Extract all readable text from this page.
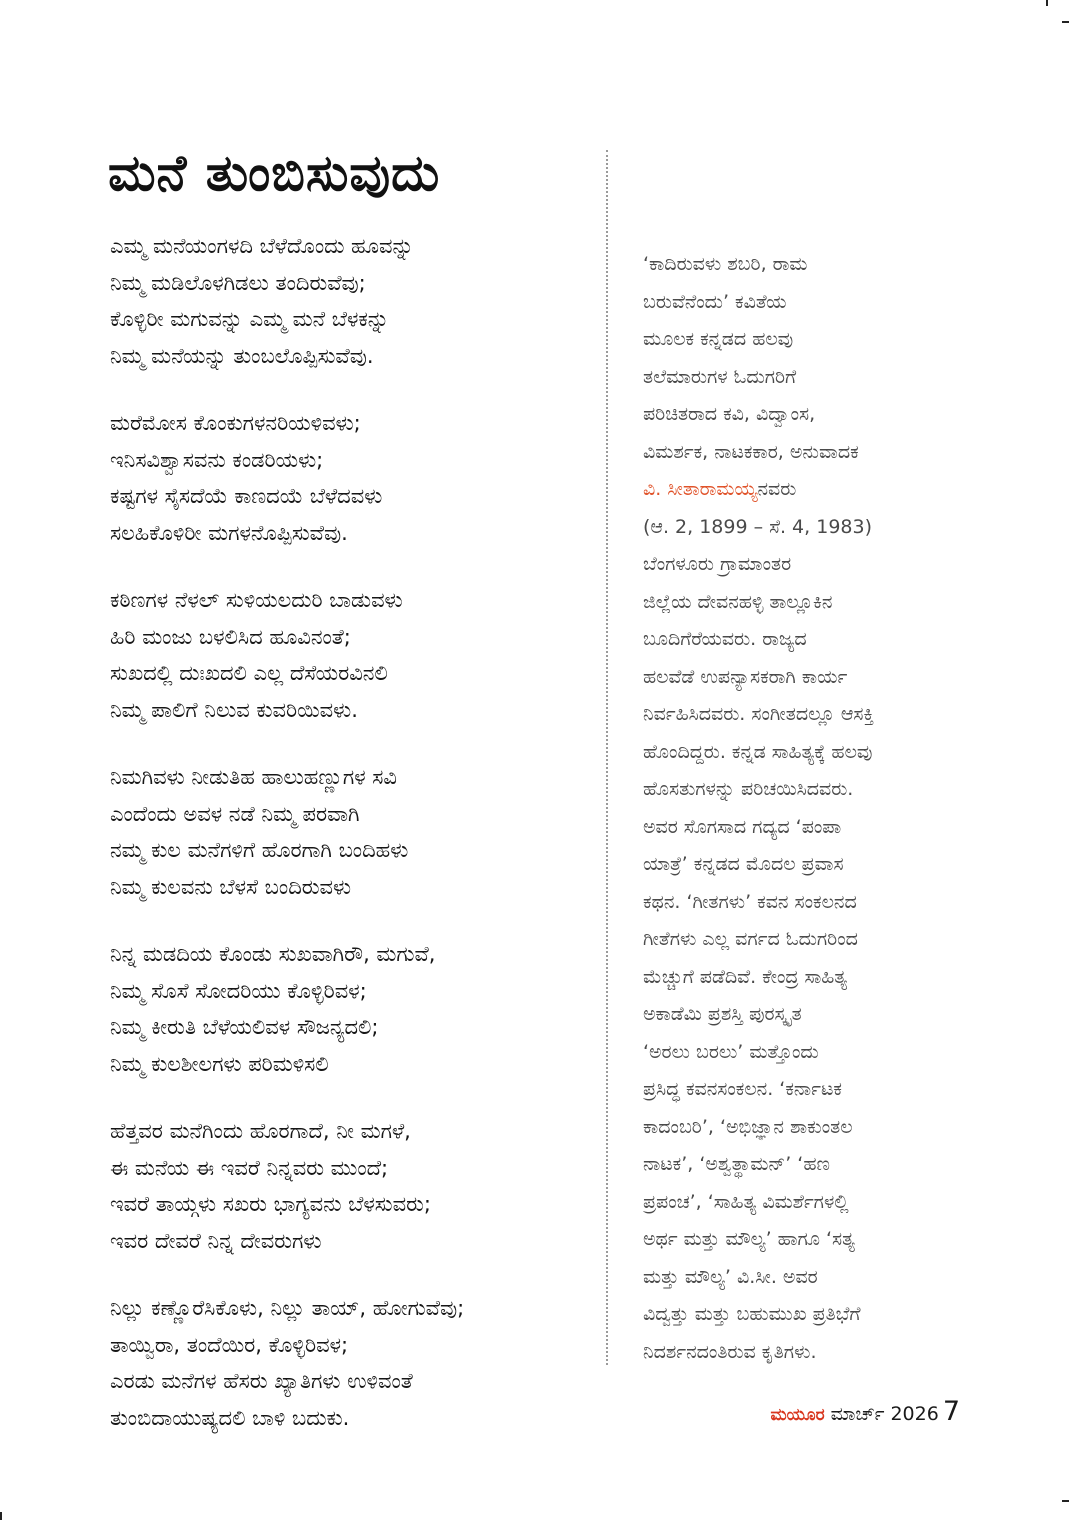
ಮನೆ ತುಂಬಿಸುವುದು
ಎಮ್ಮ ಮನೆಯಂಗಳದಿ ಬೆಳೆದೊಂದು ಹೂವನ್ನು
ನಿಮ್ಮ ಮಡಿಲೊಳಗಿಡಲು ತಂದಿರುವೆವು;
ಕೊಳ್ಳಿರೀ ಮಗುವನ್ನು ಎಮ್ಮ ಮನೆ ಬೆಳಕನ್ನು
ನಿಮ್ಮ ಮನೆಯನ್ನು ತುಂಬಲೊಪ್ಪಿಸುವೆವು.
ಮರೆಮೋಸ ಕೊಂಕುಗಳನರಿಯಳಿವಳು;
ಇನಿಸವಿಶ್ವಾಸವನು ಕಂಡರಿಯಳು;
ಕಷ್ಟಗಳ ಸೈಸದೆಯೆ ಕಾಣದಯೆ ಬೆಳೆದವಳು
ಸಲಹಿಕೊಳಿರೀ ಮಗಳನೊಪ್ಪಿಸುವೆವು.
ಕಠಿಣಗಳ ನೆಳಲ್ ಸುಳಿಯಲದುರಿ ಬಾಡುವಳು
ಹಿರಿ ಮಂಜು ಬಳಲಿಸಿದ ಹೂವಿನಂತೆ;
ಸುಖದಲ್ಲಿ ದುಃಖದಲಿ ಎಲ್ಲ ದೆಸೆಯರವಿನಲಿ
ನಿಮ್ಮ ಪಾಲಿಗೆ ನಿಲುವ ಕುವರಿಯಿವಳು.
ನಿಮಗಿವಳು ನೀಡುತಿಹ ಹಾಲುಹಣ್ಣುಗಳ ಸವಿ
ಎಂದೆಂದು ಅವಳ ನಡೆ ನಿಮ್ಮ ಪರವಾಗಿ
ನಮ್ಮ ಕುಲ ಮನೆಗಳಿಗೆ ಹೊರಗಾಗಿ ಬಂದಿಹಳು
ನಿಮ್ಮ ಕುಲವನು ಬೆಳಸೆ ಬಂದಿರುವಳು
ನಿನ್ನ ಮಡದಿಯ ಕೊಂಡು ಸುಖವಾಗಿರೌ, ಮಗುವೆ,
ನಿಮ್ಮ ಸೊಸೆ ಸೋದರಿಯು ಕೊಳ್ಳಿರಿವಳ;
ನಿಮ್ಮ ಕೀರುತಿ ಬೆಳೆಯಲಿವಳ ಸೌಜನ್ಯದಲಿ;
ನಿಮ್ಮ ಕುಲಶೀಲಗಳು ಪರಿಮಳಿಸಲಿ
ಹೆತ್ತವರ ಮನೆಗಿಂದು ಹೊರಗಾದೆ, ನೀ ಮಗಳೆ,
ಈ ಮನೆಯ ಈ ಇವರೆ ನಿನ್ನವರು ಮುಂದೆ;
ಇವರೆ ತಾಯ್ಗಳು ಸಖರು ಭಾಗ್ಯವನು ಬೆಳಸುವರು;
ಇವರ ದೇವರೆ ನಿನ್ನ ದೇವರುಗಳು
ನಿಲ್ಲು ಕಣ್ಣೊರೆಸಿಕೊಳು, ನಿಲ್ಲು ತಾಯ್, ಹೋಗುವೆವು;
ತಾಯ್ವಿರಾ, ತಂದೆಯಿರ, ಕೊಳ್ಳಿರಿವಳ;
ಎರಡು ಮನೆಗಳ ಹೆಸರು ಖ್ಯಾತಿಗಳು ಉಳಿವಂತೆ
ತುಂಬಿದಾಯುಷ್ಯದಲಿ ಬಾಳಿ ಬದುಕು.
‘ಕಾದಿರುವಳು ಶಬರಿ, ರಾಮ
ಬರುವೆನೆಂದು’ ಕವಿತೆಯ
ಮೂಲಕ ಕನ್ನಡದ ಹಲವು
ತಲೆಮಾರುಗಳ ಓದುಗರಿಗೆ
ಪರಿಚಿತರಾದ ಕವಿ, ವಿದ್ವಾಂಸ,
ವಿಮರ್ಶಕ, ನಾಟಕಕಾರ, ಅನುವಾದಕ
ವಿ. ಸೀತಾರಾಮಯ್ಯನವರು
(ಆ. 2, 1899 – ಸೆ. 4, 1983)
ಬೆಂಗಳೂರು ಗ್ರಾಮಾಂತರ
ಜಿಲ್ಲೆಯ ದೇವನಹಳ್ಳಿ ತಾಲ್ಲೂಕಿನ
ಬೂದಿಗೆರೆಯವರು. ರಾಜ್ಯದ
ಹಲವೆಡೆ ಉಪನ್ಯಾಸಕರಾಗಿ ಕಾರ್ಯ
ನಿರ್ವಹಿಸಿದವರು. ಸಂಗೀತದಲ್ಲೂ ಆಸಕ್ತಿ
ಹೊಂದಿದ್ದರು. ಕನ್ನಡ ಸಾಹಿತ್ಯಕ್ಕೆ ಹಲವು
ಹೊಸತುಗಳನ್ನು ಪರಿಚಯಿಸಿದವರು.
ಅವರ ಸೊಗಸಾದ ಗದ್ಯದ ‘ಪಂಪಾ
ಯಾತ್ರೆ’ ಕನ್ನಡದ ಮೊದಲ ಪ್ರವಾಸ
ಕಥನ. ‘ಗೀತಗಳು’ ಕವನ ಸಂಕಲನದ
ಗೀತೆಗಳು ಎಲ್ಲ ವರ್ಗದ ಓದುಗರಿಂದ
ಮೆಚ್ಚುಗೆ ಪಡೆದಿವೆ. ಕೇಂದ್ರ ಸಾಹಿತ್ಯ
ಅಕಾಡೆಮಿ ಪ್ರಶಸ್ತಿ ಪುರಸ್ಕೃತ
‘ಅರಲು ಬರಲು’ ಮತ್ತೊಂದು
ಪ್ರಸಿದ್ಧ ಕವನಸಂಕಲನ. ‘ಕರ್ನಾಟಕ
ಕಾದಂಬರಿ’, ‘ಅಭಿಜ್ಞಾನ ಶಾಕುಂತಲ
ನಾಟಕ’, ‘ಅಶ್ವತ್ಥಾಮನ್’ ‘ಹಣ
ಪ್ರಪಂಚ’, ‘ಸಾಹಿತ್ಯ ವಿಮರ್ಶೆಗಳಲ್ಲಿ
ಅರ್ಥ ಮತ್ತು ಮೌಲ್ಯ’ ಹಾಗೂ ‘ಸತ್ಯ
ಮತ್ತು ಮೌಲ್ಯ’ ವಿ.ಸೀ. ಅವರ
ವಿದ್ವತ್ತು ಮತ್ತು ಬಹುಮುಖ ಪ್ರತಿಭೆಗೆ
ನಿದರ್ಶನದಂತಿರುವ ಕೃತಿಗಳು.
ಮಯೂರ ಮಾರ್ಚ್ 2026 7
